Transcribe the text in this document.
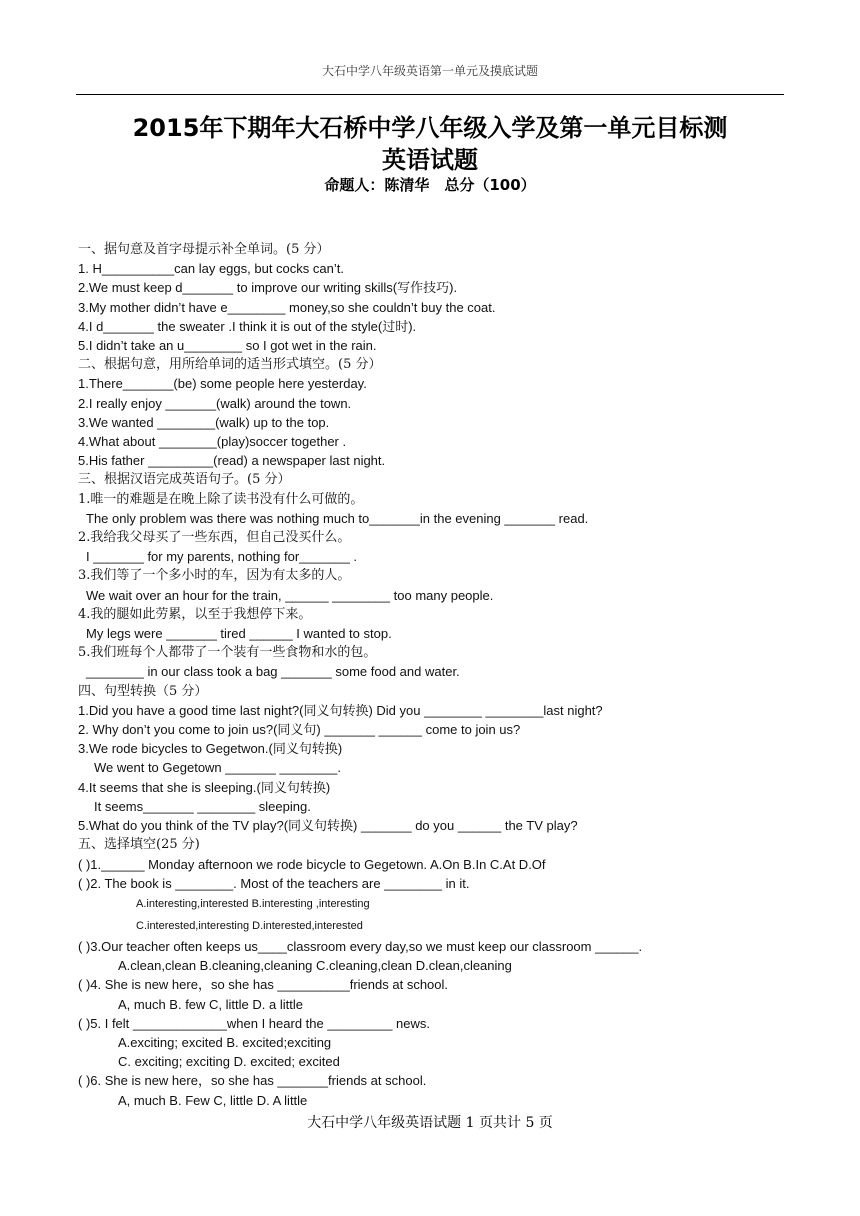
大石中学八年级英语第一单元及摸底试题
2015年下期年大石桥中学八年级入学及第一单元目标测
英语试题
命题人：陈清华　总分（100）
一、据句意及首字母提示补全单词。(5 分）
1. H__________can lay eggs, but cocks can’t.
2.We must keep d_______ to improve our writing skills(写作技巧).
3.My mother didn’t have e________ money,so she couldn’t buy the coat.
4.I d_______ the sweater .I think it is out of the style(过时).
5.I didn’t take an u________ so I got wet in the rain.
二、根据句意，用所给单词的适当形式填空。(5 分）
1.There_______(be) some people here yesterday.
2.I really enjoy _______(walk) around the town.
3.We wanted ________(walk) up to the top.
4.What about ________(play)soccer together .
5.His father _________(read) a newspaper last night.
三、根据汉语完成英语句子。(5 分）
1.唯一的难题是在晚上除了读书没有什么可做的。
The only problem was there was nothing much to_______in the evening _______ read.
2.我给我父母买了一些东西，但自己没买什么。
I _______ for my parents, nothing for_______ .
3.我们等了一个多小时的车，因为有太多的人。
We wait over an hour for the train, ______ ________ too many people.
4.我的腿如此劳累，以至于我想停下来。
My legs were _______ tired ______ I wanted to stop.
5.我们班每个人都带了一个装有一些食物和水的包。
________ in our class took a bag _______ some food and water.
四、句型转换（5 分）
1.Did you have a good time last night?(同义句转换) Did you ________ ________last night?
2. Why don’t you come to join us?(同义句) _______ ______ come to join us?
3.We rode bicycles to Gegetwon.(同义句转换)
We went to Gegetown _______ ________.
4.It seems that she is sleeping.(同义句转换)
It seems_______ ________ sleeping.
5.What do you think of the TV play?(同义句转换) _______ do you ______ the TV play?
五、选择填空(25 分)
( )1.______ Monday afternoon we rode bicycle to Gegetown. A.On B.In C.At D.Of
( )2. The book is ________. Most of the teachers are ________ in it.
A.interesting,interested B.interesting ,interesting
C.interested,interesting D.interested,interested
( )3.Our teacher often keeps us____classroom every day,so we must keep our classroom ______.
A.clean,clean B.cleaning,cleaning C.cleaning,clean D.clean,cleaning
( )4. She is new here，so she has __________friends at school.
A, much B. few C, little D. a little
( )5. I felt _____________when I heard the _________ news.
A.exciting; excited B. excited;exciting
C. exciting; exciting D. excited; excited
( )6. She is new here，so she has _______friends at school.
A, much B. Few C, little D. A little
大石中学八年级英语试题 1 页共计 5 页
